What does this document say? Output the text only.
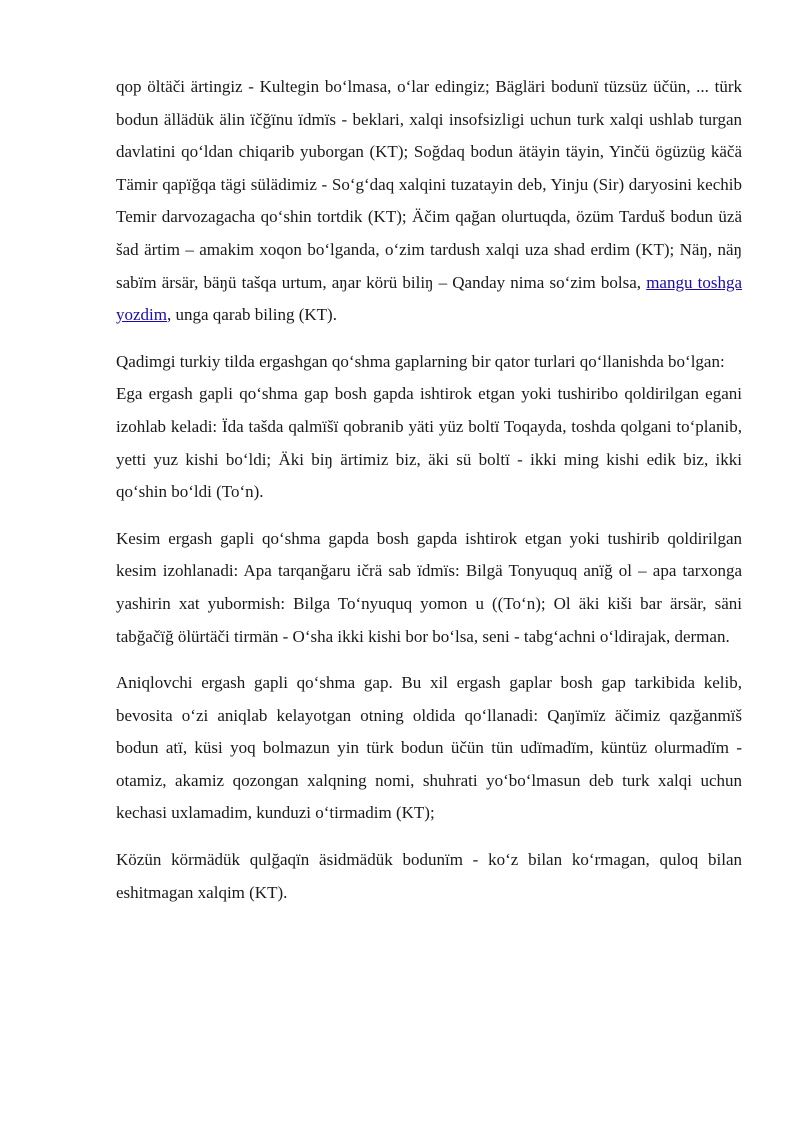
qop öltäči ärtingiz - Kultegin bo‘lmasa, o‘lar edingiz; Bägläri bodunï tüzsüz üčün, ... türk bodun ällädük älin ïčğïnu ïdmïs - beklari, xalqi insofsizligi uchun turk xalqi ushlab turgan davlatini qo‘ldan chiqarib yuborgan (KT); Soğdaq bodun ätäyin täyin, Yinčü ögüzüg käčä Tämir qapïğqa tägi sülädimiz - So‘g‘daq xalqini tuzatayin deb, Yinju (Sir) daryosini kechib Temir darvozagacha qo‘shin tortdik (KT); Äčim qağan olurtuqda, özüm Tarduš bodun üzä šad ärtim – amakim xoqon bo‘lganda, o‘zim tardush xalqi uza shad erdim (KT); Näŋ, näŋ sabïm ärsär, bäŋü tašqa urtum, aŋar körü biliŋ – Qanday nima so‘zim bolsa, mangu toshga yozdim, unga qarab biling (KT).

Qadimgi turkiy tilda ergashgan qo‘shma gaplarning bir qator turlari qo‘llanishda bo‘lgan:

Ega ergash gapli qo‘shma gap bosh gapda ishtirok etgan yoki tushiribo qoldirilgan egani izohlab keladi: Ïda tašda qalmïšï qobranib yäti yüz boltï Toqayda, toshda qolgani to‘planib, yetti yuz kishi bo‘ldi; Äki biŋ ärtimiz biz, äki sü boltï - ikki ming kishi edik biz, ikki qo‘shin bo‘ldi (To‘n).

Kesim ergash gapli qo‘shma gapda bosh gapda ishtirok etgan yoki tushirib qoldirilgan kesim izohlanadi: Apa tarqanğaru ičrä sab ïdmïs: Bilgä Tonyuquq anïğ ol – apa tarxonga yashirin xat yubormish: Bilga To‘nyuquq yomon u ((To‘n); Ol äki kiši bar ärsär, säni tabğačïğ ölürtäči tirmän - O‘sha ikki kishi bor bo‘lsa, seni - tabg‘achni o‘ldirajak, derman.

Aniqlovchi ergash gapli qo‘shma gap. Bu xil ergash gaplar bosh gap tarkibida kelib, bevosita o‘zi aniqlab kelayotgan otning oldida qo‘llanadi: Qaŋïmïz äčimiz qazğanmïš bodun atï, küsi yoq bolmazun yin türk bodun üčün tün udïmadïm, küntüz olurmadïm - otamiz, akamiz qozongan xalqning nomi, shuhrati yo‘bo‘lmasun deb turk xalqi uchun kechasi uxlamadim, kunduzi o‘tirmadim (KT);

Közün körmädük qulğaqïn äsidmädük bodunïm - ko‘z bilan ko‘rmagan, quloq bilan eshitmagan xalqim (KT).
